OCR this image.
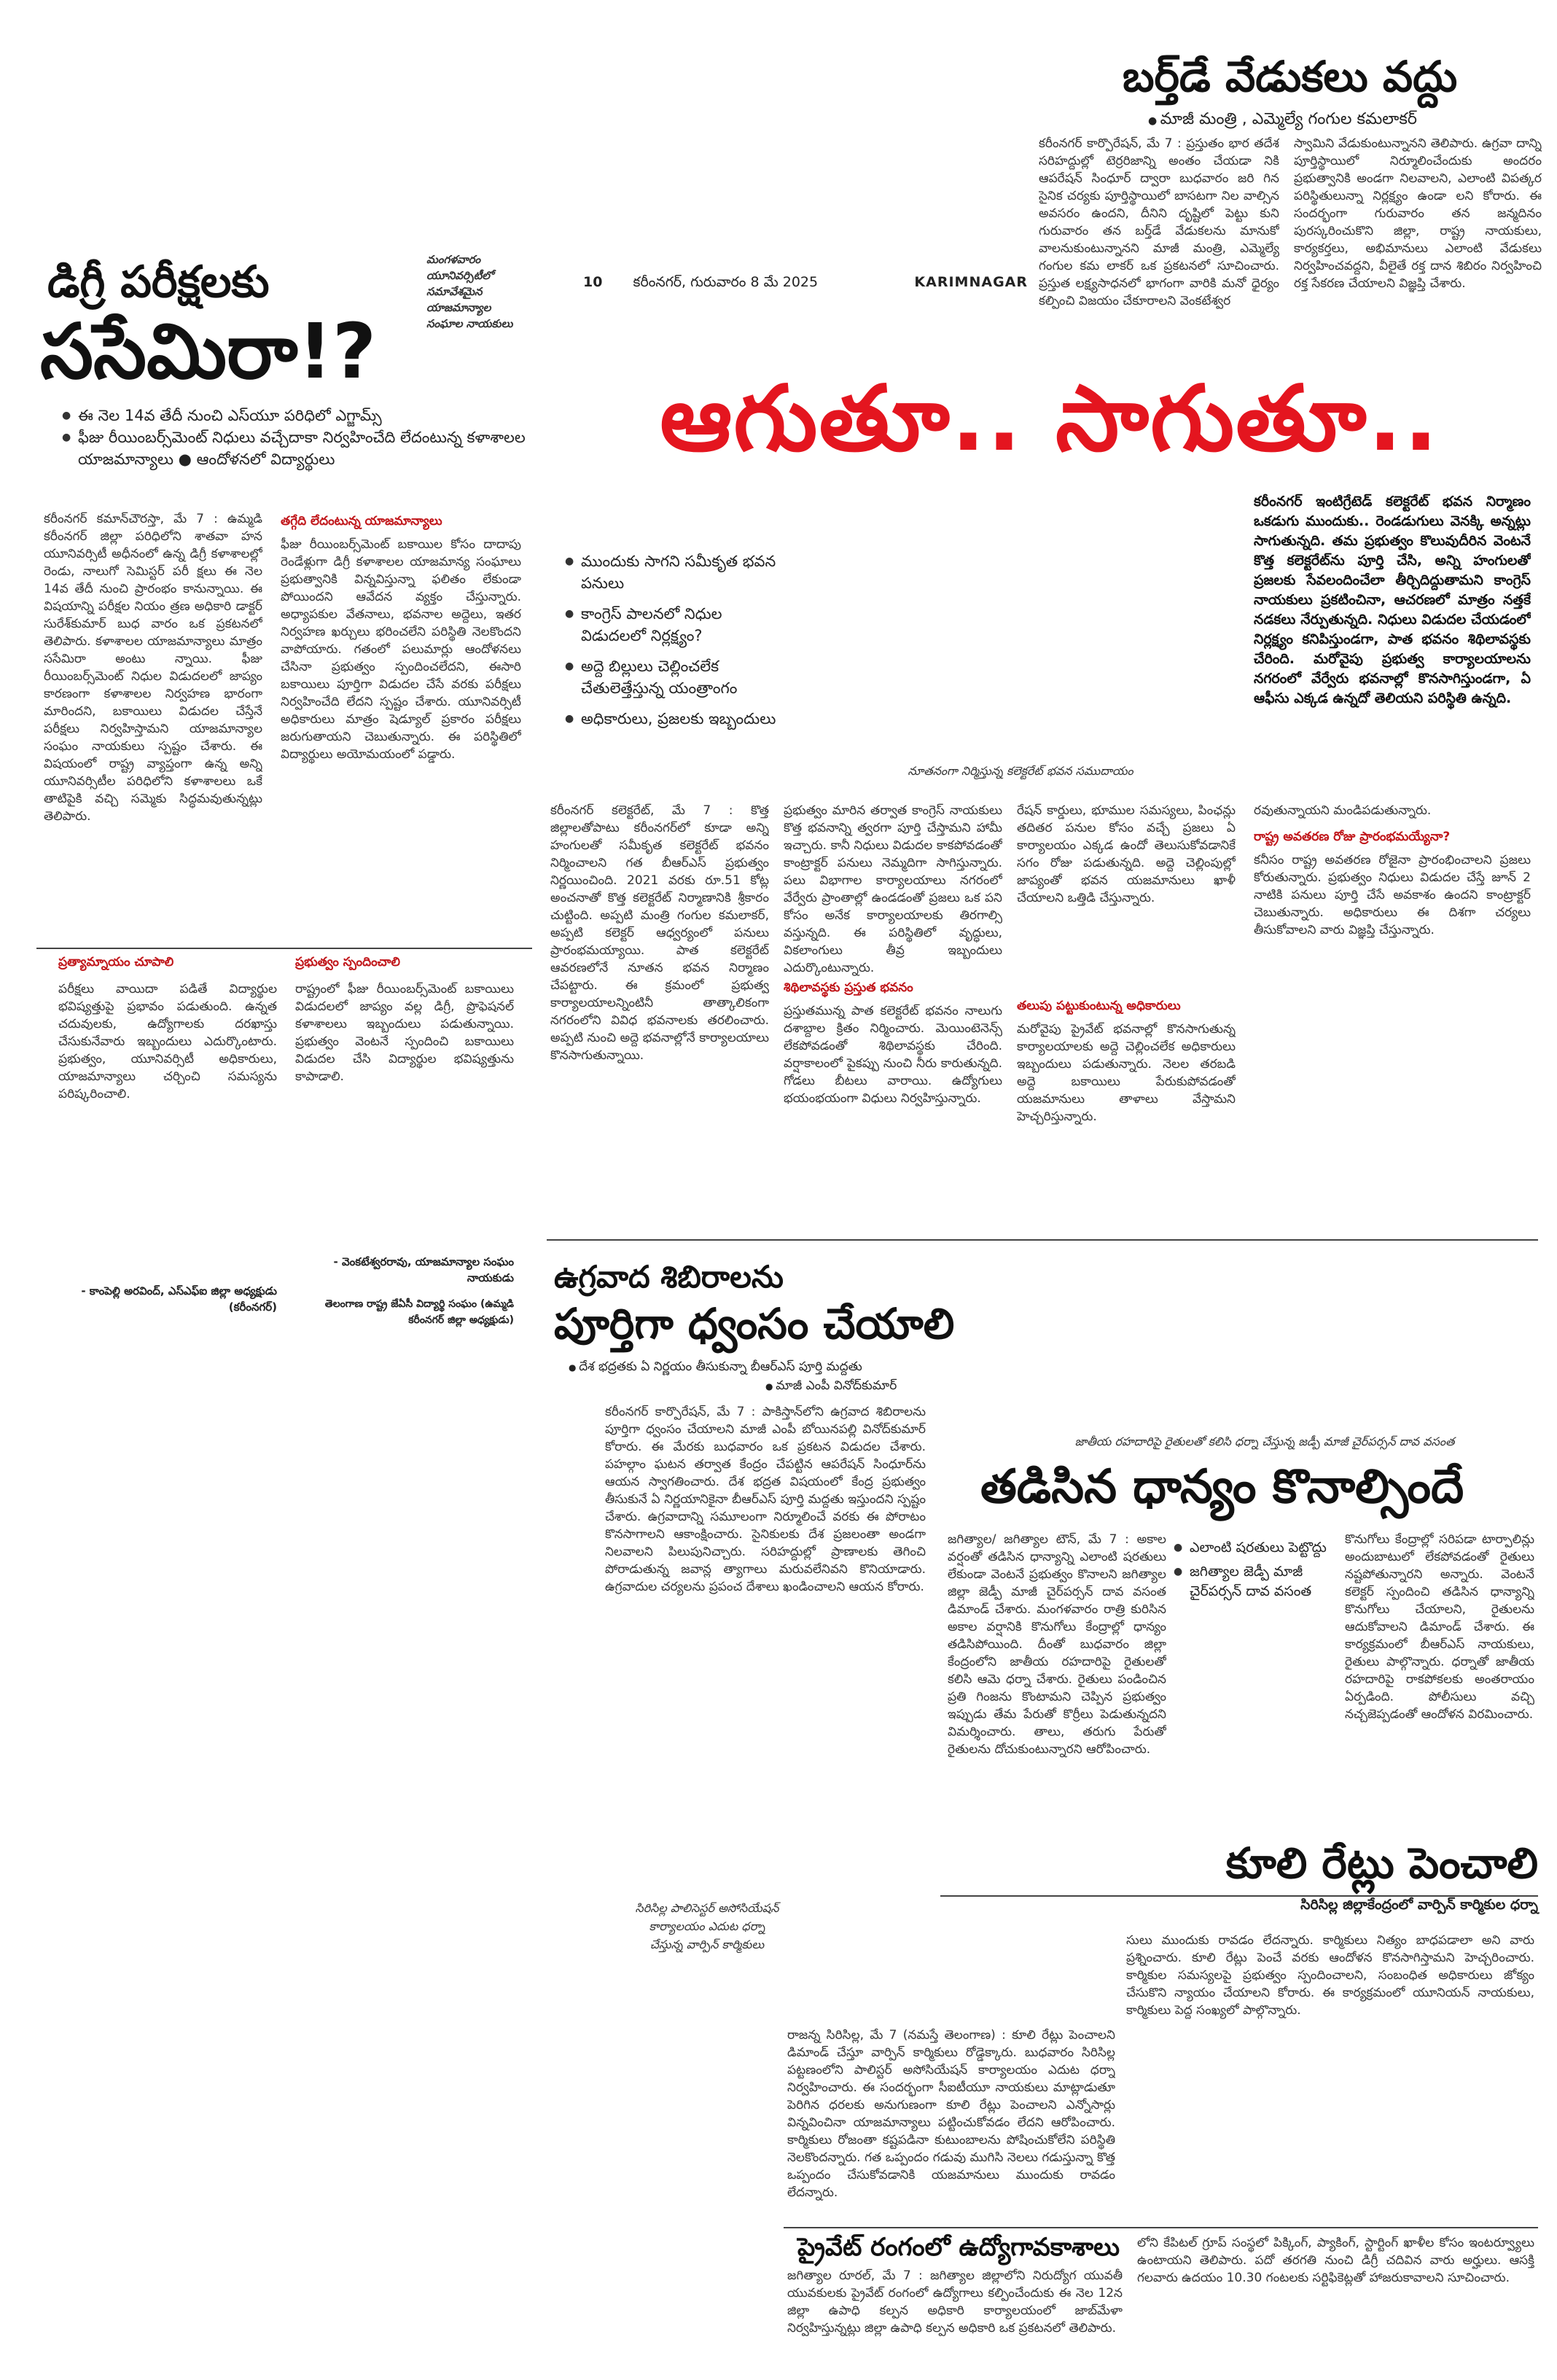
బర్త్‌డే వేడుకలు వద్దు
● మాజీ మంత్రి , ఎమ్మెల్యే గంగుల కమలాకర్‌
కరీంనగర్‌ కార్పొరేషన్‌, మే 7 : ప్రస్తుతం భార తదేశ సరిహద్దుల్లో టెర్రరిజాన్ని అంతం చేయడా నికి ఆపరేషన్‌ సింధూర్‌ ద్వారా బుధవారం జరి గిన సైనిక చర్యకు పూర్తిస్థాయిలో బాసటగా నిల వాల్సిన అవసరం ఉందని, దీనిని దృష్టిలో పెట్టు కుని గురువారం తన బర్త్‌డే వేడుకలను మానుకో వాలనుకుంటున్నానని మాజీ మంత్రి, ఎమ్మెల్యే గంగుల కమ లాకర్‌ ఒక ప్రకటనలో సూచించారు. ప్రస్తుత లక్ష్యసాధనలో భాగంగా వారికి మనో ధైర్యం కల్పించి విజయం చేకూరాలని వెంకటేశ్వర
స్వామిని వేడుకుంటున్నానని తెలిపారు. ఉగ్రవా దాన్ని పూర్తిస్థాయిలో నిర్మూలించేందుకు అందరం ప్రభుత్వానికి అండగా నిలవాలని, ఎలాంటి విపత్కర పరిస్థితులున్నా నిర్లక్ష్యం ఉండా లని కోరారు. ఈ సందర్భంగా గురువారం తన జన్మదినం పురస్కరించుకొని జిల్లా, రాష్ట్ర నాయకులు, కార్యకర్తలు, అభిమానులు ఎలాంటి వేడుకలు నిర్వహించవద్దని, వీలైతే రక్త దాన శిబిరం నిర్వహించి రక్త సేకరణ చేయాలని విజ్ఞప్తి చేశారు.
10 కరీంనగర్‌, గురువారం 8 మే 2025	KARIMNAGAR
ఆగుతూ.. సాగుతూ..
డిగ్రీ పరీక్షలకు
ససేమిరా!?
మంగళవారం యూనివర్సిటీలో సమావేశమైన యాజమాన్యాల సంఘాల నాయకులు
● ఈ నెల 14వ తేదీ నుంచి ఎస్‌యూ పరిధిలో ఎగ్జామ్స్‌
● ఫీజు రీయింబర్స్‌మెంట్‌ నిధులు వచ్చేదాకా నిర్వహించేది లేదంటున్న కళాశాలల యాజమాన్యాలు ● ఆందోళనలో విద్యార్థులు
కరీంనగర్‌ కమాన్‌చౌరస్తా, మే 7 : ఉమ్మడి కరీంనగర్‌ జిల్లా పరిధిలోని శాతవా హన యూనివర్సిటీ అధీనంలో ఉన్న డిగ్రీ కళాశాలల్లో రెండు, నాలుగో సెమిస్టర్‌ పరీ క్షలు ఈ నెల 14వ తేదీ నుంచి ప్రారంభం కానున్నాయి. ఈ విషయాన్ని పరీక్షల నియం త్రణ అధికారి డాక్టర్‌ సురేశ్‌కుమార్‌ బుధ వారం ఒక ప్రకటనలో తెలిపారు. కళాశాలల యాజమాన్యాలు మాత్రం ససేమిరా అంటు న్నాయి. ఫీజు రీయింబర్స్‌మెంట్‌ నిధుల విడుదలలో జాప్యం కారణంగా కళాశాలల నిర్వహణ భారంగా మారిందని, బకాయిలు విడుదల చేస్తేనే పరీక్షలు నిర్వహిస్తామని యాజమాన్యాల సంఘం నాయకులు స్పష్టం చేశారు. ఈ విషయంలో రాష్ట్ర వ్యాప్తంగా ఉన్న అన్ని యూనివర్సిటీల పరిధిలోని కళాశాలలు ఒకే తాటిపైకి వచ్చి సమ్మెకు సిద్ధమవుతున్నట్లు తెలిపారు.
తగ్గేది లేదంటున్న యాజమాన్యాలు
ఫీజు రీయింబర్స్‌మెంట్‌ బకాయిల కోసం దాదాపు రెండేళ్లుగా డిగ్రీ కళాశాలల యాజమాన్య సంఘాలు ప్రభుత్వానికి విన్నవిస్తున్నా ఫలితం లేకుండా పోయిందని ఆవేదన వ్యక్తం చేస్తున్నారు. అధ్యాపకుల వేతనాలు, భవనాల అద్దెలు, ఇతర నిర్వహణ ఖర్చులు భరించలేని పరిస్థితి నెలకొందని వాపోయారు. గతంలో పలుమార్లు ఆందోళనలు చేసినా ప్రభుత్వం స్పందించలేదని, ఈసారి బకాయిలు పూర్తిగా విడుదల చేసే వరకు పరీక్షలు నిర్వహించేది లేదని స్పష్టం చేశారు. యూనివర్సిటీ అధికారులు మాత్రం షెడ్యూల్‌ ప్రకారం పరీక్షలు జరుగుతాయని చెబుతున్నారు. ఈ పరిస్థితిలో విద్యార్థులు అయోమయంలో పడ్డారు.
ప్రభుత్వం స్పందించాలి
రాష్ట్రంలో ఫీజు రీయింబర్స్‌మెంట్‌ బకాయిలు విడుదలలో జాప్యం వల్ల డిగ్రీ, ప్రొఫెషనల్‌ కళాశాలలు ఇబ్బందులు పడుతున్నాయి. ప్రభుత్వం వెంటనే స్పందించి బకాయిలు విడుదల చేసి విద్యార్థుల భవిష్యత్తును కాపాడాలి.
ప్రత్యామ్నాయం చూపాలి
పరీక్షలు వాయిదా పడితే విద్యార్థుల భవిష్యత్తుపై ప్రభావం పడుతుంది. ఉన్నత చదువులకు, ఉద్యోగాలకు దరఖాస్తు చేసుకునేవారు ఇబ్బందులు ఎదుర్కొంటారు. ప్రభుత్వం, యూనివర్సిటీ అధికారులు, యాజమాన్యాలు చర్చించి సమస్యను పరిష్కరించాలి.
- కాంపెల్లి అరవింద్‌, ఎస్‌ఎఫ్‌ఐ జిల్లా అధ్యక్షుడు (కరీంనగర్‌)
- వెంకటేశ్వరరావు, యాజమాన్యాల సంఘం నాయకుడు
తెలంగాణ రాష్ట్ర జేఏసీ విద్యార్థి సంఘం (ఉమ్మడి కరీంనగర్‌ జిల్లా అధ్యక్షుడు)
● ముందుకు సాగని సమీకృత భవన పనులు
● కాంగ్రెస్‌ పాలనలో నిధుల విడుదలలో నిర్లక్ష్యం?
● అద్దె బిల్లులు చెల్లించలేక చేతులెత్తేస్తున్న యంత్రాంగం
● అధికారులు, ప్రజలకు ఇబ్బందులు
కరీంనగర్‌ ఇంటిగ్రేటెడ్‌ కలెక్టరేట్‌ భవన నిర్మాణం ఒకడుగు ముందుకు.. రెండడుగులు వెనక్కి అన్నట్లు సాగుతున్నది. తమ ప్రభుత్వం కొలువుదీరిన వెంటనే కొత్త కలెక్టరేట్‌ను పూర్తి చేసి, అన్ని హంగులతో ప్రజలకు సేవలందించేలా తీర్చిదిద్దుతామని కాంగ్రెస్‌ నాయకులు ప్రకటించినా, ఆచరణలో మాత్రం నత్తకే నడకలు నేర్పుతున్నది. నిధులు విడుదల చేయడంలో నిర్లక్ష్యం కనిపిస్తుండగా, పాత భవనం శిథిలావస్థకు చేరింది. మరోవైపు ప్రభుత్వ కార్యాలయాలను నగరంలో వేర్వేరు భవనాల్లో కొనసాగిస్తుండగా, ఏ ఆఫీసు ఎక్కడ ఉన్నదో తెలియని పరిస్థితి ఉన్నది.
నూతనంగా నిర్మిస్తున్న కలెక్టరేట్‌ భవన సముదాయం
కరీంనగర్‌ కలెక్టరేట్‌, మే 7 : కొత్త జిల్లాలతోపాటు కరీంనగర్‌లో కూడా అన్ని హంగులతో సమీకృత కలెక్టరేట్‌ భవనం నిర్మించాలని గత బీఆర్‌ఎస్‌ ప్రభుత్వం నిర్ణయించింది. 2021 వరకు రూ.51 కోట్ల అంచనాతో కొత్త కలెక్టరేట్‌ నిర్మాణానికి శ్రీకారం చుట్టింది. అప్పటి మంత్రి గంగుల కమలాకర్‌, అప్పటి కలెక్టర్‌ ఆధ్వర్యంలో పనులు ప్రారంభమయ్యాయి. పాత కలెక్టరేట్‌ ఆవరణలోనే నూతన భవన నిర్మాణం చేపట్టారు. ఈ క్రమంలో ప్రభుత్వ కార్యాలయాలన్నింటినీ తాత్కాలికంగా నగరంలోని వివిధ భవనాలకు తరలించారు. అప్పటి నుంచి అద్దె భవనాల్లోనే కార్యాలయాలు కొనసాగుతున్నాయి.
ప్రభుత్వం మారిన తర్వాత కాంగ్రెస్‌ నాయకులు కొత్త భవనాన్ని త్వరగా పూర్తి చేస్తామని హామీ ఇచ్చారు. కానీ నిధులు విడుదల కాకపోవడంతో కాంట్రాక్టర్‌ పనులు నెమ్మదిగా సాగిస్తున్నారు. పలు విభాగాల కార్యాలయాలు నగరంలో వేర్వేరు ప్రాంతాల్లో ఉండడంతో ప్రజలు ఒక పని కోసం అనేక కార్యాలయాలకు తిరగాల్సి వస్తున్నది. ఈ పరిస్థితిలో వృద్ధులు, వికలాంగులు తీవ్ర ఇబ్బందులు ఎదుర్కొంటున్నారు.
శిథిలావస్థకు ప్రస్తుత భవనం
ప్రస్తుతమున్న పాత కలెక్టరేట్‌ భవనం నాలుగు దశాబ్దాల క్రితం నిర్మించారు. మెయింటెనెన్స్‌ లేకపోవడంతో శిథిలావస్థకు చేరింది. వర్షాకాలంలో పైకప్పు నుంచి నీరు కారుతున్నది. గోడలు బీటలు వారాయి. ఉద్యోగులు భయంభయంగా విధులు నిర్వహిస్తున్నారు.
రేషన్‌ కార్డులు, భూముల సమస్యలు, పింఛన్లు తదితర పనుల కోసం వచ్చే ప్రజలు ఏ కార్యాలయం ఎక్కడ ఉందో తెలుసుకోవడానికే సగం రోజు పడుతున్నది. అద్దె చెల్లింపుల్లో జాప్యంతో భవన యజమానులు ఖాళీ చేయాలని ఒత్తిడి చేస్తున్నారు.
తలుపు పట్టుకుంటున్న అధికారులు
మరోవైపు ప్రైవేట్‌ భవనాల్లో కొనసాగుతున్న కార్యాలయాలకు అద్దె చెల్లించలేక అధికారులు ఇబ్బందులు పడుతున్నారు. నెలల తరబడి అద్దె బకాయిలు పేరుకుపోవడంతో యజమానులు తాళాలు వేస్తామని హెచ్చరిస్తున్నారు.
రవుతున్నాయని మండిపడుతున్నారు.
రాష్ట్ర అవతరణ రోజు ప్రారంభమయ్యేనా?
కనీసం రాష్ట్ర అవతరణ రోజైనా ప్రారంభించాలని ప్రజలు కోరుతున్నారు. ప్రభుత్వం నిధులు విడుదల చేస్తే జూన్‌ 2 నాటికి పనులు పూర్తి చేసే అవకాశం ఉందని కాంట్రాక్టర్‌ చెబుతున్నారు. అధికారులు ఈ దిశగా చర్యలు తీసుకోవాలని వారు విజ్ఞప్తి చేస్తున్నారు.
ఉగ్రవాద శిబిరాలను
పూర్తిగా ధ్వంసం చేయాలి
● దేశ భద్రతకు ఏ నిర్ణయం తీసుకున్నా బీఆర్‌ఎస్‌ పూర్తి మద్దతు
● మాజీ ఎంపీ వినోద్‌కుమార్‌
కరీంనగర్‌ కార్పొరేషన్‌, మే 7 : పాకిస్తాన్‌లోని ఉగ్రవాద శిబిరాలను పూర్తిగా ధ్వంసం చేయాలని మాజీ ఎంపీ బోయినపల్లి వినోద్‌కుమార్‌ కోరారు. ఈ మేరకు బుధవారం ఒక ప్రకటన విడుదల చేశారు. పహల్గాం ఘటన తర్వాత కేంద్రం చేపట్టిన ఆపరేషన్‌ సింధూర్‌ను ఆయన స్వాగతించారు. దేశ భద్రత విషయంలో కేంద్ర ప్రభుత్వం తీసుకునే ఏ నిర్ణయానికైనా బీఆర్‌ఎస్‌ పూర్తి మద్దతు ఇస్తుందని స్పష్టం చేశారు. ఉగ్రవాదాన్ని సమూలంగా నిర్మూలించే వరకు ఈ పోరాటం కొనసాగాలని ఆకాంక్షించారు. సైనికులకు దేశ ప్రజలంతా అండగా నిలవాలని పిలుపునిచ్చారు. సరిహద్దుల్లో ప్రాణాలకు తెగించి పోరాడుతున్న జవాన్ల త్యాగాలు మరువలేనివని కొనియాడారు. ఉగ్రవాదుల చర్యలను ప్రపంచ దేశాలు ఖండించాలని ఆయన కోరారు.
సిరిసిల్ల పాలిసెస్టర్‌ అసోసియేషన్‌ కార్యాలయం ఎదుట ధర్నా చేస్తున్న వార్పిన్‌ కార్మికులు
జాతీయ రహదారిపై రైతులతో కలిసి ధర్నా చేస్తున్న జడ్పీ మాజీ చైర్‌పర్సన్‌ దావ వసంత
తడిసిన ధాన్యం కొనాల్సిందే
జగిత్యాల/ జగిత్యాల టౌన్‌, మే 7 : అకాల వర్షంతో తడిసిన ధాన్యాన్ని ఎలాంటి షరతులు లేకుండా వెంటనే ప్రభుత్వం కొనాలని జగిత్యాల జిల్లా జెడ్పీ మాజీ చైర్‌పర్సన్‌ దావ వసంత డిమాండ్‌ చేశారు. మంగళవారం రాత్రి కురిసిన అకాల వర్షానికి కొనుగోలు కేంద్రాల్లో ధాన్యం తడిసిపోయింది. దీంతో బుధవారం జిల్లా కేంద్రంలోని జాతీయ రహదారిపై రైతులతో కలిసి ఆమె ధర్నా చేశారు. రైతులు పండించిన ప్రతి గింజను కొంటామని చెప్పిన ప్రభుత్వం ఇప్పుడు తేమ పేరుతో కొర్రీలు పెడుతున్నదని విమర్శించారు. తాలు, తరుగు పేరుతో రైతులను దోచుకుంటున్నారని ఆరోపించారు.
● ఎలాంటి షరతులు పెట్టొద్దు
● జగిత్యాల జెడ్పీ మాజీ చైర్‌పర్సన్‌ దావ వసంత
కొనుగోలు కేంద్రాల్లో సరిపడా టార్పాలిన్లు అందుబాటులో లేకపోవడంతో రైతులు నష్టపోతున్నారని అన్నారు. వెంటనే కలెక్టర్‌ స్పందించి తడిసిన ధాన్యాన్ని కొనుగోలు చేయాలని, రైతులను ఆదుకోవాలని డిమాండ్‌ చేశారు. ఈ కార్యక్రమంలో బీఆర్‌ఎస్‌ నాయకులు, రైతులు పాల్గొన్నారు. ధర్నాతో జాతీయ రహదారిపై రాకపోకలకు అంతరాయం ఏర్పడింది. పోలీసులు వచ్చి నచ్చజెప్పడంతో ఆందోళన విరమించారు.
కూలి రేట్లు పెంచాలి
సిరిసిల్ల జిల్లాకేంద్రంలో వార్పిన్‌ కార్మికుల ధర్నా
సులు ముందుకు రావడం లేదన్నారు. కార్మికులు నిత్యం బాధపడాలా అని వారు ప్రశ్నించారు. కూలి రేట్లు పెంచే వరకు ఆందోళన కొనసాగిస్తామని హెచ్చరించారు. కార్మికుల సమస్యలపై ప్రభుత్వం స్పందించాలని, సంబంధిత అధికారులు జోక్యం చేసుకొని న్యాయం చేయాలని కోరారు. ఈ కార్యక్రమంలో యూనియన్‌ నాయకులు, కార్మికులు పెద్ద సంఖ్యలో పాల్గొన్నారు.
రాజన్న సిరిసిల్ల, మే 7 (నమస్తే తెలంగాణ) : కూలి రేట్లు పెంచాలని డిమాండ్‌ చేస్తూ వార్పిన్‌ కార్మికులు రోడ్డెక్కారు. బుధవారం సిరిసిల్ల పట్టణంలోని పాలిస్టర్‌ అసోసియేషన్‌ కార్యాలయం ఎదుట ధర్నా నిర్వహించారు. ఈ సందర్భంగా సీఐటీయూ నాయకులు మాట్లాడుతూ పెరిగిన ధరలకు అనుగుణంగా కూలి రేట్లు పెంచాలని ఎన్నోసార్లు విన్నవించినా యాజమాన్యాలు పట్టించుకోవడం లేదని ఆరోపించారు. కార్మికులు రోజంతా కష్టపడినా కుటుంబాలను పోషించుకోలేని పరిస్థితి నెలకొందన్నారు. గత ఒప్పందం గడువు ముగిసి నెలలు గడుస్తున్నా కొత్త ఒప్పందం చేసుకోవడానికి యజమానులు ముందుకు రావడం లేదన్నారు.
ప్రైవేట్‌ రంగంలో ఉద్యోగావకాశాలు
జగిత్యాల రూరల్‌, మే 7 : జగిత్యాల జిల్లాలోని నిరుద్యోగ యువతీ యువకులకు ప్రైవేట్‌ రంగంలో ఉద్యోగాలు కల్పించేందుకు ఈ నెల 12న జిల్లా ఉపాధి కల్పన అధికారి కార్యాలయంలో జాబ్‌మేళా నిర్వహిస్తున్నట్లు జిల్లా ఉపాధి కల్పన అధికారి ఒక ప్రకటనలో తెలిపారు.
లోని కేపిటల్‌ గ్రూప్‌ సంస్థలో పిక్కింగ్‌, ప్యాకింగ్‌, స్టార్టింగ్‌ ఖాళీల కోసం ఇంటర్వ్యూలు ఉంటాయని తెలిపారు. పదో తరగతి నుంచి డిగ్రీ చదివిన వారు అర్హులు. ఆసక్తి గలవారు ఉదయం 10.30 గంటలకు సర్టిఫికెట్లతో హాజరుకావాలని సూచించారు.
